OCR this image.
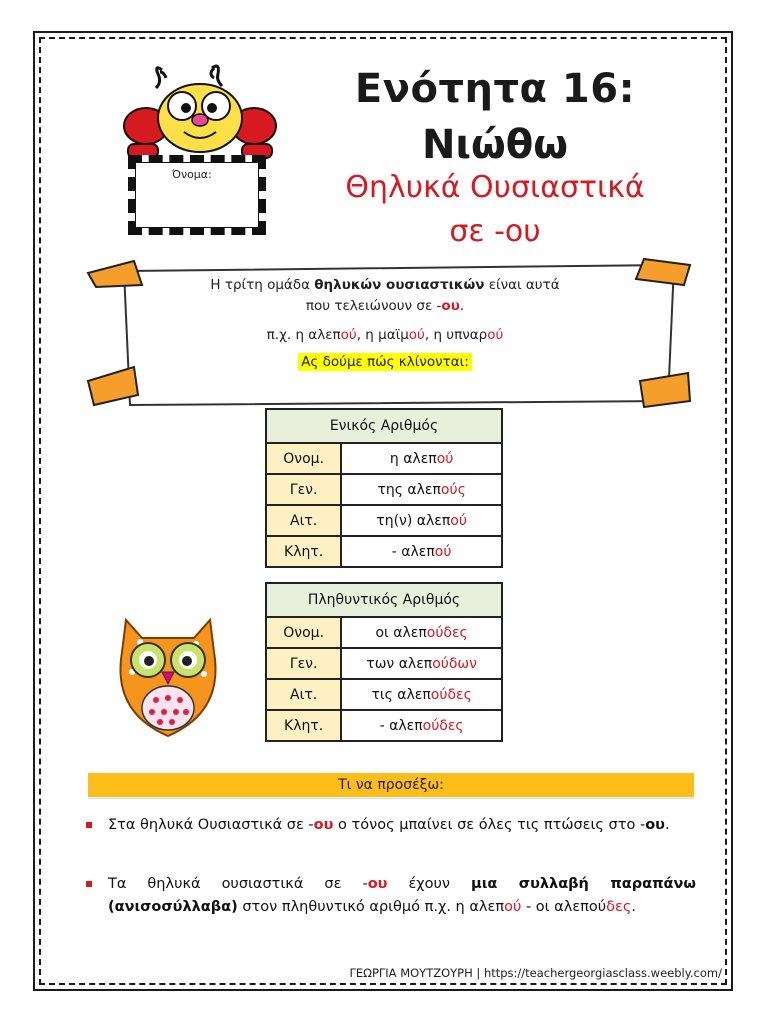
Όνομα:
Ενότητα 16:
Νιώθω
Θηλυκά Ουσιαστικά
σε -ου
Η τρίτη ομάδα θηλυκών ουσιαστικών είναι αυτά
που τελειώνουν σε -ου.
π.χ. η αλεπού, η μαϊμού, η υπναρού
Ας δούμε πώς κλίνονται:
Ενικός Αριθμός	
Ονομ.	η αλεπού
Γεν.	της αλεπούς
Αιτ.	τη(ν) αλεπού
Κλητ.	- αλεπού
Πληθυντικός Αριθμός	
Ονομ.	οι αλεπούδες
Γεν.	των αλεπούδων
Αιτ.	τις αλεπούδες
Κλητ.	- αλεπούδες
Τι να προσέξω:
Στα θηλυκά Ουσιαστικά σε -ου ο τόνος μπαίνει σε όλες τις πτώσεις στο -ου.
Τα θηλυκά ουσιαστικά σε -ου έχουν μια συλλαβή παραπάνω (ανισοσύλλαβα) στον πληθυντικό αριθμό π.χ. η αλεπού - οι αλεπούδες.
ΓΕΩΡΓΙΑ ΜΟΥΤΖΟΥΡΗ | https://teachergeorgiasclass.weebly.com/
